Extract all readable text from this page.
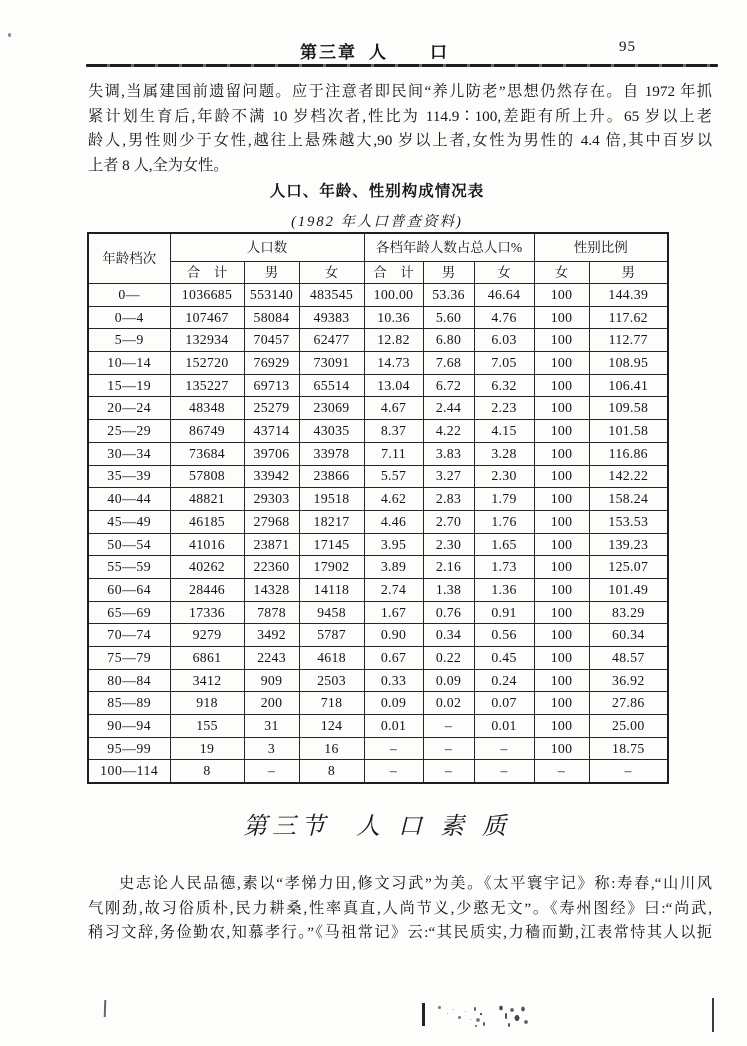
第三章 人 口	95
失调,当属建国前遗留问题。应于注意者即民间“养儿防老”思想仍然存在。自 1972 年抓
紧计划生育后,年龄不满 10 岁档次者,性比为 114.9∶100,差距有所上升。65 岁以上老
龄人,男性则少于女性,越往上悬殊越大,90 岁以上者,女性为男性的 4.4 倍,其中百岁以
上者 8 人,全为女性。
人口、年龄、性别构成情况表
(1982 年人口普查资料)
年龄档次	人口数			各档年龄人数占总人口%			性别比例	
	合　计	男	女	合　计	男	女	女	男
0—	1036685	553140	483545	100.00	53.36	46.64	100	144.39
0—4	107467	58084	49383	10.36	5.60	4.76	100	117.62
5—9	132934	70457	62477	12.82	6.80	6.03	100	112.77
10—14	152720	76929	73091	14.73	7.68	7.05	100	108.95
15—19	135227	69713	65514	13.04	6.72	6.32	100	106.41
20—24	48348	25279	23069	4.67	2.44	2.23	100	109.58
25—29	86749	43714	43035	8.37	4.22	4.15	100	101.58
30—34	73684	39706	33978	7.11	3.83	3.28	100	116.86
35—39	57808	33942	23866	5.57	3.27	2.30	100	142.22
40—44	48821	29303	19518	4.62	2.83	1.79	100	158.24
45—49	46185	27968	18217	4.46	2.70	1.76	100	153.53
50—54	41016	23871	17145	3.95	2.30	1.65	100	139.23
55—59	40262	22360	17902	3.89	2.16	1.73	100	125.07
60—64	28446	14328	14118	2.74	1.38	1.36	100	101.49
65—69	17336	7878	9458	1.67	0.76	0.91	100	83.29
70—74	9279	3492	5787	0.90	0.34	0.56	100	60.34
75—79	6861	2243	4618	0.67	0.22	0.45	100	48.57
80—84	3412	909	2503	0.33	0.09	0.24	100	36.92
85—89	918	200	718	0.09	0.02	0.07	100	27.86
90—94	155	31	124	0.01	–	0.01	100	25.00
95—99	19	3	16	–	–	–	100	18.75
100—114	8	–	8	–	–	–	–	–
第三节 人 口 素 质
史志论人民品德,素以“孝悌力田,修文习武”为美。《太平寰宇记》称:寿春,“山川风
气刚劲,故习俗质朴,民力耕桑,性率真直,人尚节义,少憨无文”。《寿州图经》曰:“尚武,
稍习文辞,务俭勤农,知慕孝行。”《马祖常记》云:“其民质实,力穑而勤,江表常恃其人以扼
